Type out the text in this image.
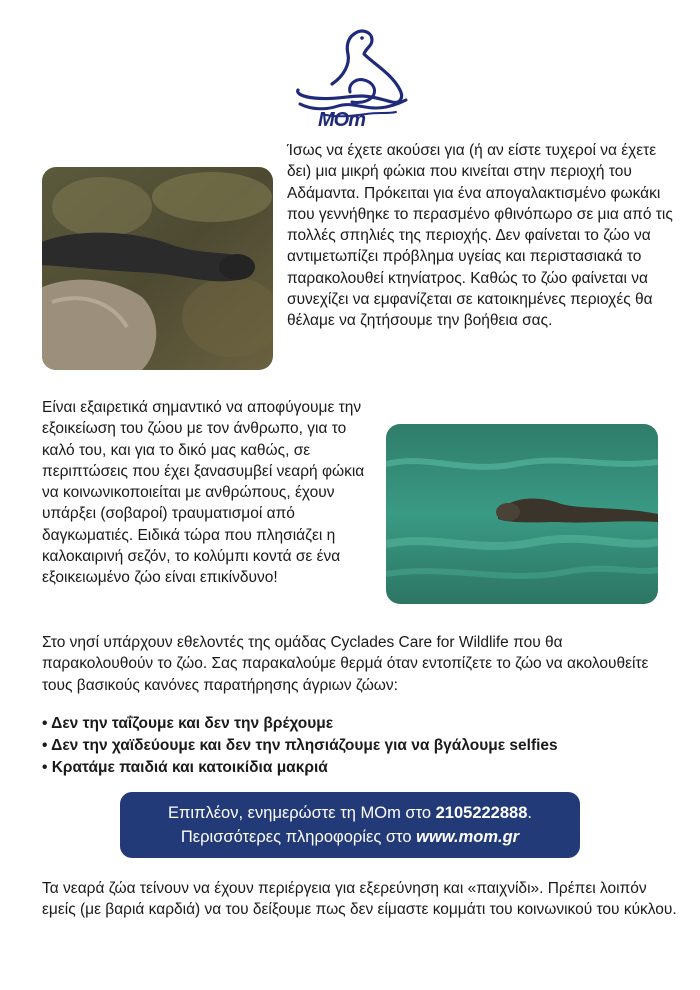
MOm

Ίσως να έχετε ακούσει για (ή αν είστε τυχεροί να έχετε δει) μια μικρή φώκια που κινείται στην περιοχή του Αδάμαντα. Πρόκειται για ένα απογαλακτισμένο φωκάκι που γεννήθηκε το περασμένο φθινόπωρο σε μια από τις πολλές σπηλιές της περιοχής. Δεν φαίνεται το ζώο να αντιμετωπίζει πρόβλημα υγείας και περιστασιακά το παρακολουθεί κτηνίατρος. Καθώς το ζώο φαίνεται να συνεχίζει να εμφανίζεται σε κατοικημένες περιοχές θα θέλαμε να ζητήσουμε την βοήθεια σας.

Είναι εξαιρετικά σημαντικό να αποφύγουμε την εξοικείωση του ζώου με τον άνθρωπο, για το καλό του, και για το δικό μας καθώς, σε περιπτώσεις που έχει ξανασυμβεί νεαρή φώκια να κοινωνικοποιείται με ανθρώπους, έχουν υπάρξει (σοβαροί) τραυματισμοί από δαγκωματιές. Ειδικά τώρα που πλησιάζει η καλοκαιρινή σεζόν, το κολύμπι κοντά σε ένα εξοικειωμένο ζώο είναι επικίνδυνο!

Στο νησί υπάρχουν εθελοντές της ομάδας Cyclades Care for Wildlife που θα παρακολουθούν το ζώο. Σας παρακαλούμε θερμά όταν εντοπίζετε το ζώο να ακολουθείτε τους βασικούς κανόνες παρατήρησης άγριων ζώων:

• Δεν την ταΐζουμε και δεν την βρέχουμε
• Δεν την χαϊδεύουμε και δεν την πλησιάζουμε για να βγάλουμε selfies
• Κρατάμε παιδιά και κατοικίδια μακριά
Επιπλέον, ενημερώστε τη MOm στο 2105222888.
Περισσότερες πληροφορίες στο www.mom.gr

Τα νεαρά ζώα τείνουν να έχουν περιέργεια για εξερεύνηση και «παιχνίδι». Πρέπει λοιπόν εμείς (με βαριά καρδιά) να του δείξουμε πως δεν είμαστε κομμάτι του κοινωνικού του κύκλου.
